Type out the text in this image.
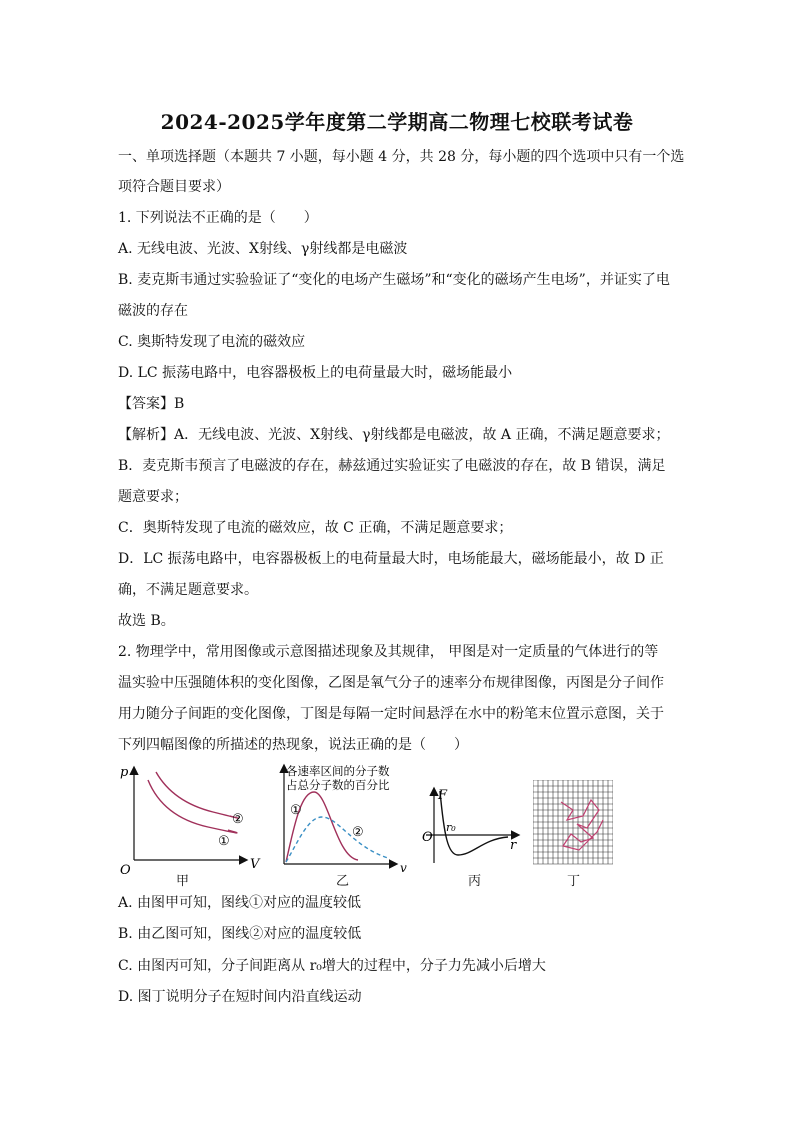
2024-2025学年度第二学期高二物理七校联考试卷
一、单项选择题（本题共 7 小题，每小题 4 分，共 28 分，每小题的四个选项中只有一个选
项符合题目要求）
1. 下列说法不正确的是（　　）
A. 无线电波、光波、X射线、γ射线都是电磁波
B. 麦克斯韦通过实验验证了“变化的电场产生磁场”和“变化的磁场产生电场”，并证实了电
磁波的存在
C. 奥斯特发现了电流的磁效应
D. LC 振荡电路中，电容器极板上的电荷量最大时，磁场能最小
【答案】B
【解析】A．无线电波、光波、X射线、γ射线都是电磁波，故 A 正确，不满足题意要求；
B．麦克斯韦预言了电磁波的存在，赫兹通过实验证实了电磁波的存在，故 B 错误，满足
题意要求；
C．奥斯特发现了电流的磁效应，故 C 正确，不满足题意要求；
D．LC 振荡电路中，电容器极板上的电荷量最大时，电场能最大，磁场能最小，故 D 正
确，不满足题意要求。
故选 B。
2. 物理学中，常用图像或示意图描述现象及其规律， 甲图是对一定质量的气体进行的等
温实验中压强随体积的变化图像，乙图是氧气分子的速率分布规律图像，丙图是分子间作
用力随分子间距的变化图像，丁图是每隔一定时间悬浮在水中的粉笔末位置示意图，关于
下列四幅图像的所描述的热现象，说法正确的是（　　）
p
V
O
①
②
甲
各速率区间的分子数
占总分子数的百分比
v
①
②
乙
F
r
O
r₀
丙	丁
A. 由图甲可知，图线①对应的温度较低
B. 由乙图可知，图线②对应的温度较低
C. 由图丙可知，分子间距离从 r₀增大的过程中，分子力先减小后增大
D. 图丁说明分子在短时间内沿直线运动
